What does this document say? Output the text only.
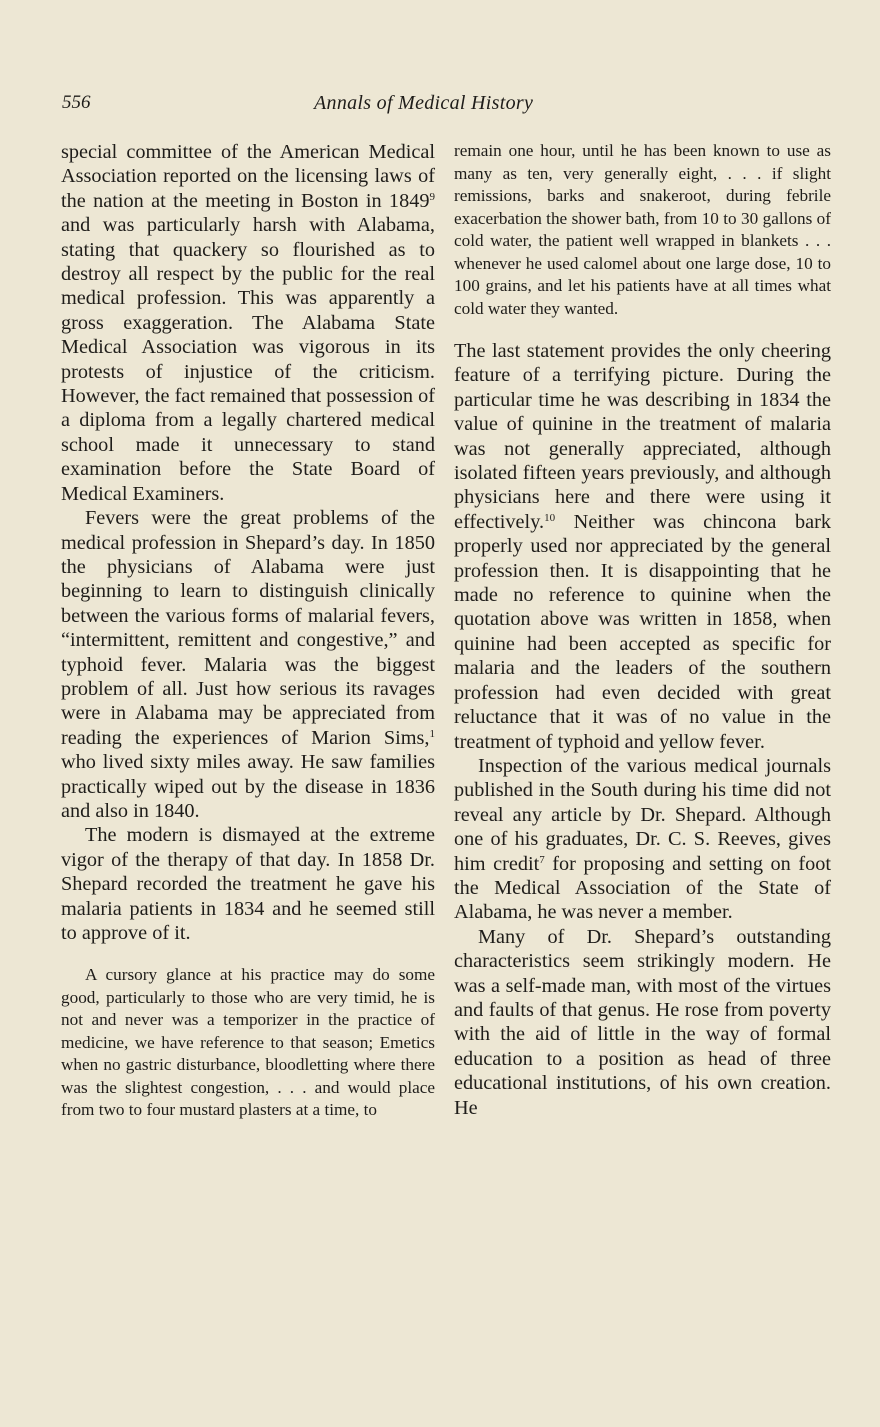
556	Annals of Medical History

special committee of the American Medical Association reported on the licensing laws of the nation at the meeting in Boston in 1849$^9$ and was particularly harsh with Alabama, stating that quackery so flourished as to destroy all respect by the public for the real medical profession. This was apparently a gross exaggeration. The Alabama State Medical Association was vigorous in its protests of injustice of the criticism. However, the fact remained that possession of a diploma from a legally chartered medical school made it unnecessary to stand examination before the State Board of Medical Examiners.

Fevers were the great problems of the medical profession in Shepard’s day. In 1850 the physicians of Alabama were just beginning to learn to distinguish clinically between the various forms of malarial fevers, “intermittent, remittent and congestive,” and typhoid fever. Malaria was the biggest problem of all. Just how serious its ravages were in Alabama may be appreciated from reading the experiences of Marion Sims,$^1$ who lived sixty miles away. He saw families practically wiped out by the disease in 1836 and also in 1840.

The modern is dismayed at the extreme vigor of the therapy of that day. In 1858 Dr. Shepard recorded the treatment he gave his malaria patients in 1834 and he seemed still to approve of it.

A cursory glance at his practice may do some good, particularly to those who are very timid, he is not and never was a temporizer in the practice of medicine, we have reference to that season; Emetics when no gastric disturbance, bloodletting where there was the slightest congestion, . . . and would place from two to four mustard plasters at a time, to

remain one hour, until he has been known to use as many as ten, very generally eight, . . . if slight remissions, barks and snakeroot, during febrile exacerbation the shower bath, from 10 to 30 gallons of cold water, the patient well wrapped in blankets . . . whenever he used calomel about one large dose, 10 to 100 grains, and let his patients have at all times what cold water they wanted.

The last statement provides the only cheering feature of a terrifying picture. During the particular time he was describing in 1834 the value of quinine in the treatment of malaria was not generally appreciated, although isolated fifteen years previously, and although physicians here and there were using it effectively.$^{10}$ Neither was chincona bark properly used nor appreciated by the general profession then. It is disappointing that he made no reference to quinine when the quotation above was written in 1858, when quinine had been accepted as specific for malaria and the leaders of the southern profession had even decided with great reluctance that it was of no value in the treatment of typhoid and yellow fever.

Inspection of the various medical journals published in the South during his time did not reveal any article by Dr. Shepard. Although one of his graduates, Dr. C. S. Reeves, gives him credit$^7$ for proposing and setting on foot the Medical Association of the State of Alabama, he was never a member.

Many of Dr. Shepard’s outstanding characteristics seem strikingly modern. He was a self-made man, with most of the virtues and faults of that genus. He rose from poverty with the aid of little in the way of formal education to a position as head of three educational institutions, of his own creation. He
